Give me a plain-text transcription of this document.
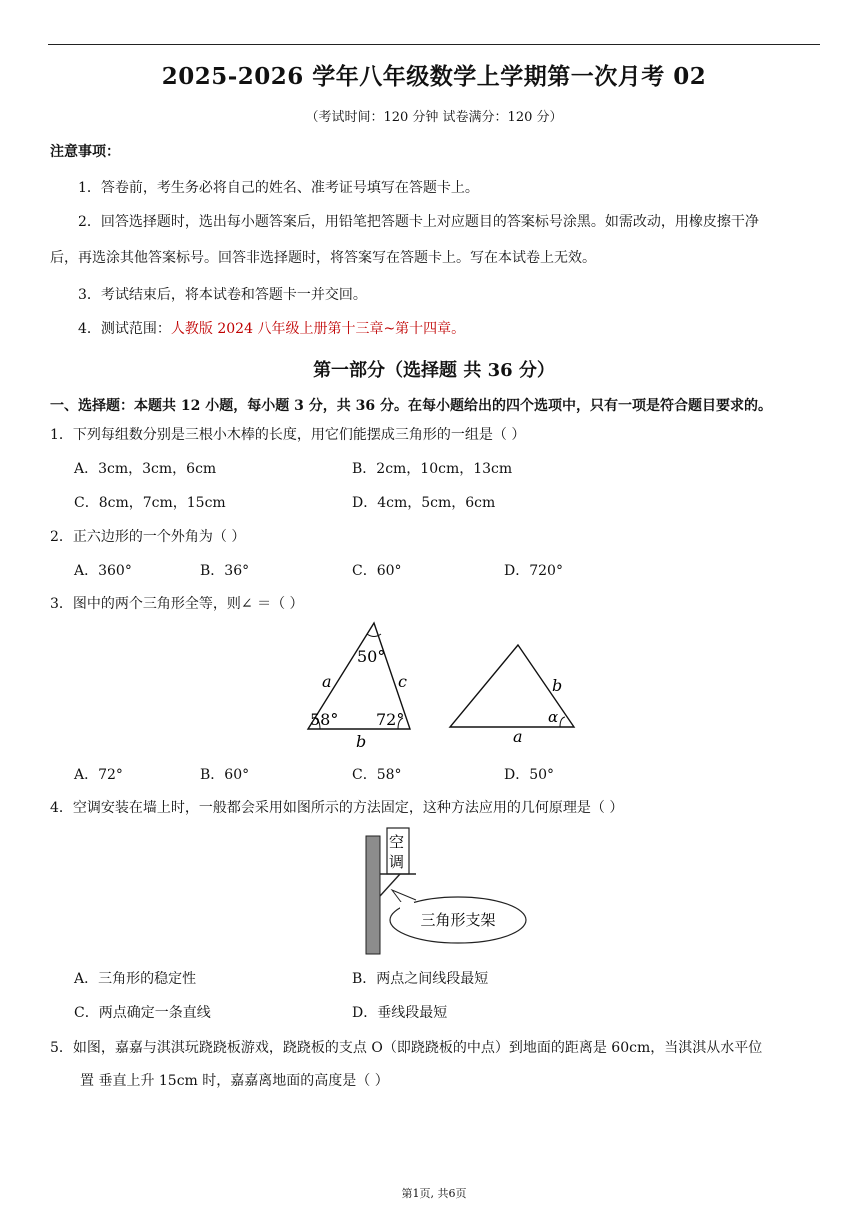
2025-2026 学年八年级数学上学期第一次月考 02
（考试时间：120 分钟 试卷满分：120 分）
注意事项：
1．答卷前，考生务必将自己的姓名、准考证号填写在答题卡上。
2．回答选择题时，选出每小题答案后，用铅笔把答题卡上对应题目的答案标号涂黑。如需改动，用橡皮擦干净
后，再选涂其他答案标号。回答非选择题时，将答案写在答题卡上。写在本试卷上无效。
3．考试结束后，将本试卷和答题卡一并交回。
4．测试范围：人教版 2024 八年级上册第十三章~第十四章。
第一部分（选择题 共 36 分）
一、选择题：本题共 12 小题，每小题 3 分，共 36 分。在每小题给出的四个选项中，只有一项是符合题目要求的。
1．下列每组数分别是三根小木棒的长度，用它们能摆成三角形的一组是（ ）
A．3cm，3cm，6cm	B．2cm，10cm，13cm
C．8cm，7cm，15cm	D．4cm，5cm，6cm
2．正六边形的一个外角为（ ）
A．360°	B．36°	C．60°	D．720°
3．图中的两个三角形全等，则∠ ＝（ ）
50°
58° 72°
a	c
b
b
a
α
A．72°	B．60°	C．58°	D．50°
4．空调安装在墙上时，一般都会采用如图所示的方法固定，这种方法应用的几何原理是（ ）
空
调
三角形支架
A．三角形的稳定性	B．两点之间线段最短
C．两点确定一条直线	D．垂线段最短
5．如图，嘉嘉与淇淇玩跷跷板游戏，跷跷板的支点 O（即跷跷板的中点）到地面的距离是 60cm，当淇淇从水平位
置 垂直上升 15cm 时，嘉嘉离地面的高度是（ ）
第1页, 共6页
